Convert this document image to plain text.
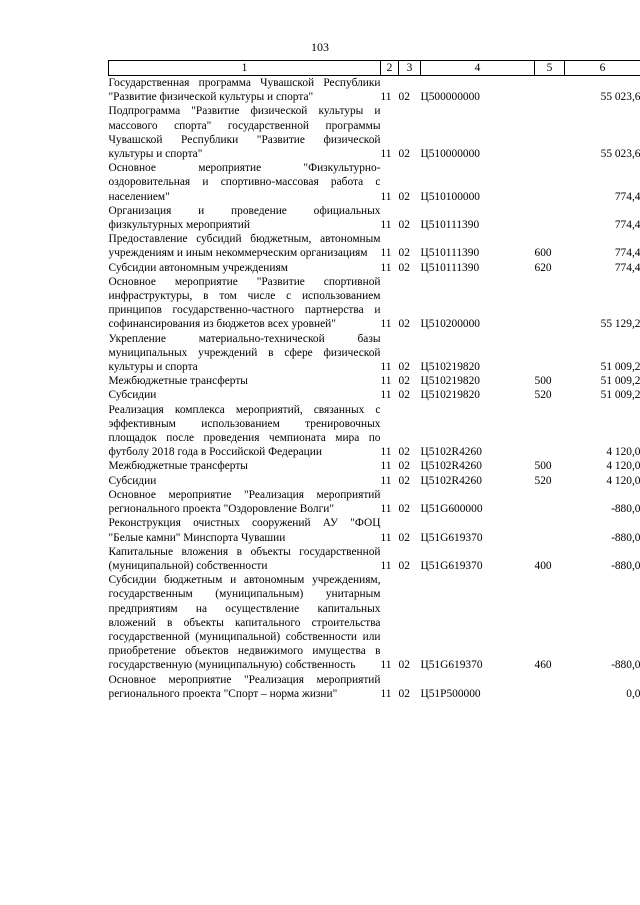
103
1	2	3	4	5	6

Государственная программа Чувашской Республики "Развитие физической культуры и спорта"	11	02	Ц500000000		55 023,6

Подпрограмма "Развитие физической культуры и массового спорта" государственной программы Чувашской Республики "Развитие физической культуры и спорта"	11	02	Ц510000000		55 023,6

Основное мероприятие "Физкультурно-оздоровительная и спортивно-массовая работа с населением"	11	02	Ц510100000		774,4

Организация и проведение официальных физкультурных мероприятий	11	02	Ц510111390		774,4

Предоставление субсидий бюджетным, автономным учреждениям и иным некоммерческим организациям	11	02	Ц510111390	600	774,4

Субсидии автономным учреждениям	11	02	Ц510111390	620	774,4

Основное мероприятие "Развитие спортивной инфраструктуры, в том числе с использованием принципов государственно-частного партнерства и софинансирования из бюджетов всех уровней"	11	02	Ц510200000		55 129,2

Укрепление материально-технической базы муниципальных учреждений в сфере физической культуры и спорта	11	02	Ц510219820		51 009,2

Межбюджетные трансферты	11	02	Ц510219820	500	51 009,2

Субсидии	11	02	Ц510219820	520	51 009,2

Реализация комплекса мероприятий, связанных с эффективным использованием тренировочных площадок после проведения чемпионата мира по футболу 2018 года в Российской Федерации	11	02	Ц5102R4260		4 120,0

Межбюджетные трансферты	11	02	Ц5102R4260	500	4 120,0

Субсидии	11	02	Ц5102R4260	520	4 120,0

Основное мероприятие "Реализация мероприятий регионального проекта "Оздоровление Волги"	11	02	Ц51G600000		-880,0

Реконструкция очистных сооружений АУ "ФОЦ "Белые камни" Минспорта Чувашии	11	02	Ц51G619370		-880,0

Капитальные вложения в объекты государственной (муниципальной) собственности	11	02	Ц51G619370	400	-880,0

Субсидии бюджетным и автономным учреждениям, государственным (муниципальным) унитарным предприятиям на осуществление капитальных вложений в объекты капитального строительства государственной (муниципальной) собственности или приобретение объектов недвижимого имущества в государственную (муниципальную) собственность	11	02	Ц51G619370	460	-880,0

Основное мероприятие "Реализация мероприятий регионального проекта "Спорт – норма жизни"	11	02	Ц51P500000		0,0
